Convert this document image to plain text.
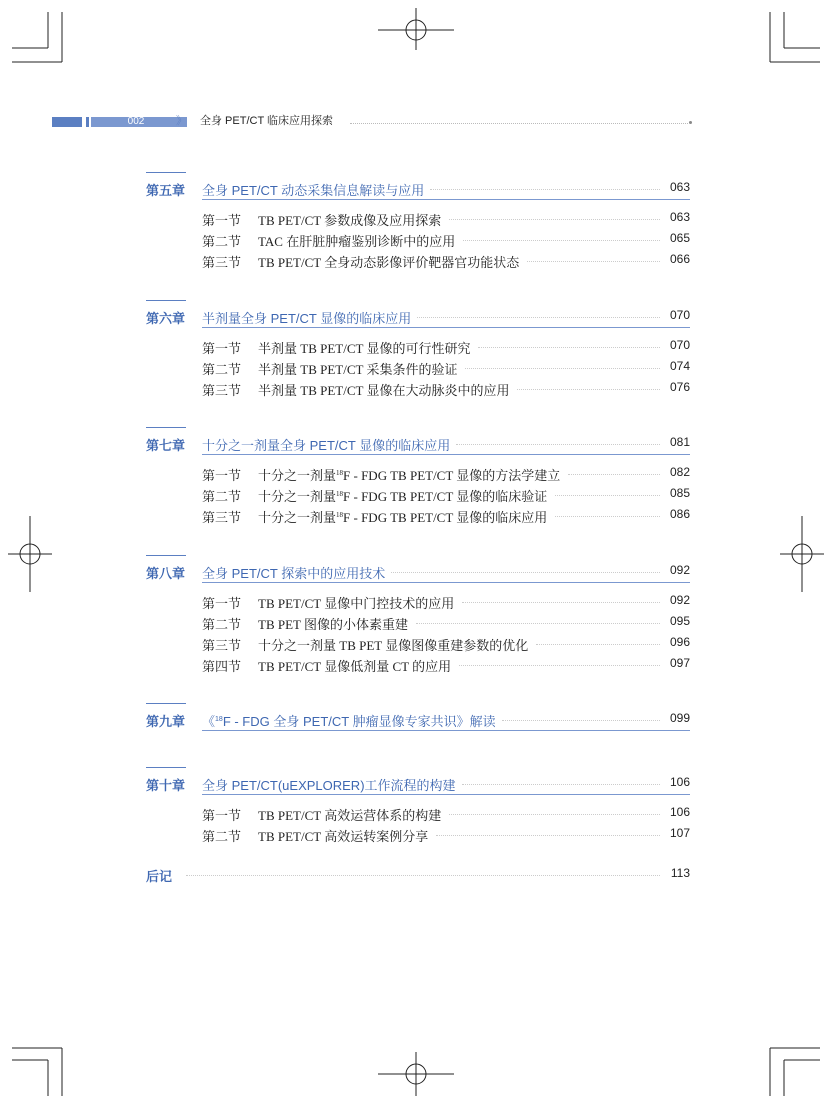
002	》 全身 PET/CT 临床应用探索
第五章 全身 PET/CT 动态采集信息解读与应用	063
第一节 TB PET/CT 参数成像及应用探索	063
第二节 TAC 在肝脏肿瘤鉴别诊断中的应用	065
第三节 TB PET/CT 全身动态影像评价靶器官功能状态	066
第六章 半剂量全身 PET/CT 显像的临床应用	070
第一节 半剂量 TB PET/CT 显像的可行性研究	070
第二节 半剂量 TB PET/CT 采集条件的验证	074
第三节 半剂量 TB PET/CT 显像在大动脉炎中的应用	076
第七章 十分之一剂量全身 PET/CT 显像的临床应用	081
第一节 十分之一剂量$^{18}$F - FDG TB PET/CT 显像的方法学建立	082
第二节 十分之一剂量$^{18}$F - FDG TB PET/CT 显像的临床验证	085
第三节 十分之一剂量$^{18}$F - FDG TB PET/CT 显像的临床应用	086
第八章 全身 PET/CT 探索中的应用技术	092
第一节 TB PET/CT 显像中门控技术的应用	092
第二节 TB PET 图像的小体素重建	095
第三节 十分之一剂量 TB PET 显像图像重建参数的优化	096
第四节 TB PET/CT 显像低剂量 CT 的应用	097
第九章 《$^{18}$F - FDG 全身 PET/CT 肿瘤显像专家共识》解读	099
第十章 全身 PET/CT(uEXPLORER)工作流程的构建	106
第一节 TB PET/CT 高效运营体系的构建	106
第二节 TB PET/CT 高效运转案例分享	107
后记	113
